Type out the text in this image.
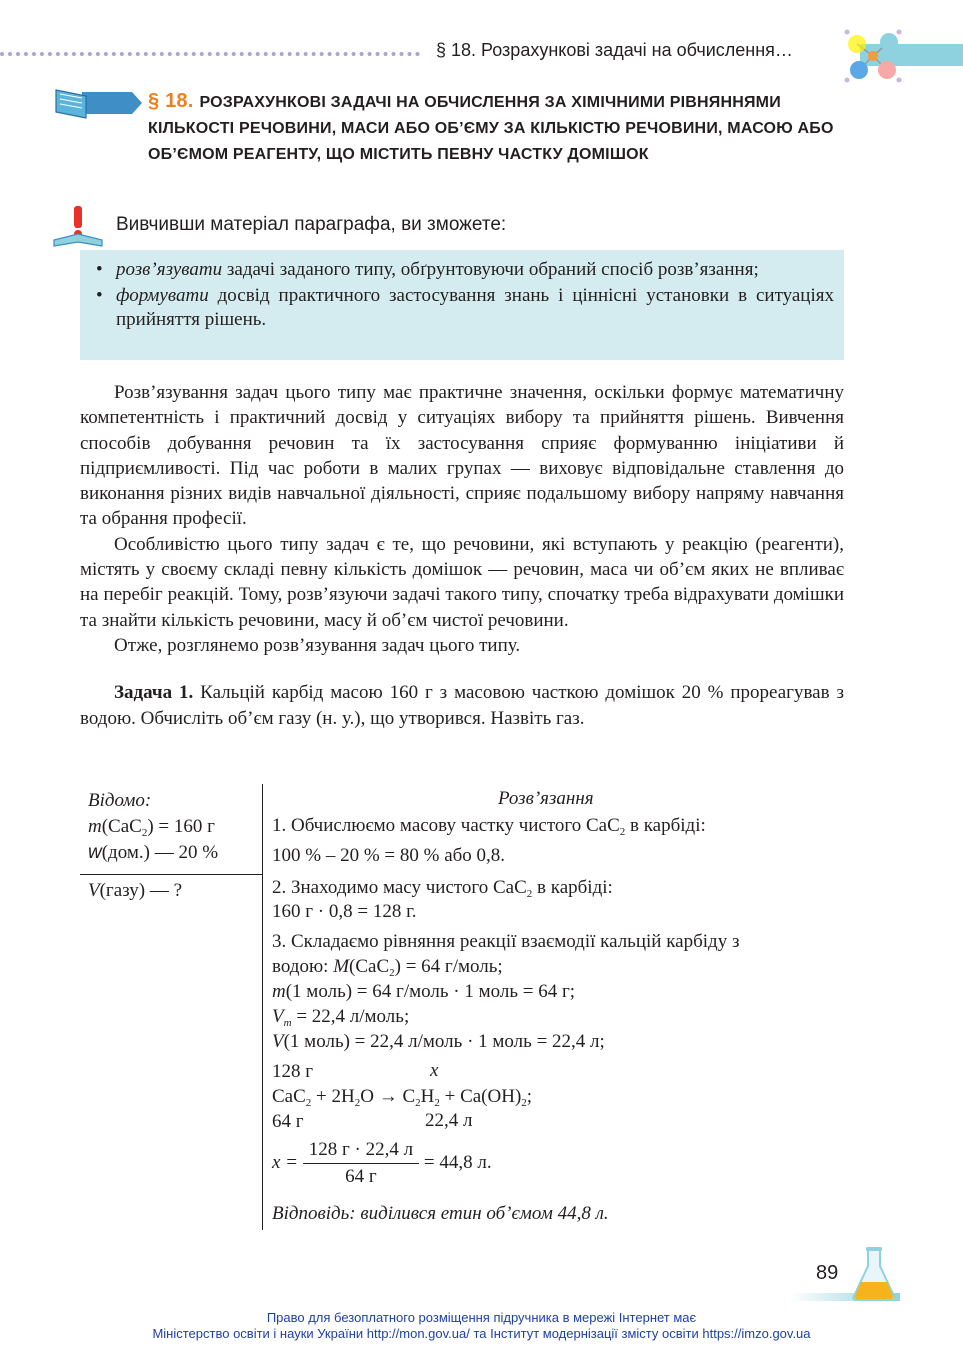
§ 18. Розрахункові задачі на обчислення…
§ 18. РОЗРАХУНКОВІ ЗАДАЧІ НА ОБЧИСЛЕННЯ ЗА ХІМІЧНИМИ РІВНЯННЯМИ КІЛЬКОСТІ РЕЧОВИНИ, МАСИ АБО ОБ’ЄМУ ЗА КІЛЬКІСТЮ РЕЧОВИНИ, МАСОЮ АБО ОБ’ЄМОМ РЕАГЕНТУ, ЩО МІСТИТЬ ПЕВНУ ЧАСТКУ ДОМІШОК
Вивчивши матеріал параграфа, ви зможете:
• розв’язувати задачі заданого типу, обґрунтовуючи обраний спосіб розв’язання;
• формувати досвід практичного застосування знань і ціннісні установки в ситуаціях прийняття рішень.

Розв’язування задач цього типу має практичне значення, оскільки формує математичну компетентність і практичний досвід у ситуаціях вибору та прийняття рішень. Вивчення способів добування речовин та їх застосування сприяє формуванню ініціативи й підприємливості. Під час роботи в малих групах — виховує відповідальне ставлення до виконання різних видів навчальної діяльності, сприяє подальшому вибору напряму навчання та обрання професії.

Особливістю цього типу задач є те, що речовини, які вступають у реакцію (реагенти), містять у своєму складі певну кількість домішок — речовин, маса чи об’єм яких не впливає на перебіг реакцій. Тому, розв’язуючи задачі такого типу, спочатку треба відрахувати домішки та знайти кількість речовини, масу й об’єм чистої речовини.

Отже, розглянемо розв’язування задач цього типу.

Задача 1. Кальцій карбід масою 160 г з масовою часткою домішок 20 % прореагував з водою. Обчисліть об’єм газу (н. у.), що утворився. Назвіть газ.

Відомо:
m(CaC$_2$) = 160 г
w(дом.) — 20 %
V(газу) — ?
Розв’язання
1. Обчислюємо масову частку чистого CaC$_2$ в карбіді:
100 % – 20 % = 80 % або 0,8.
2. Знаходимо масу чистого CaC$_2$ в карбіді:
160 г · 0,8 = 128 г.
3. Складаємо рівняння реакції взаємодії кальцій карбіду з
водою: M(CaC$_2$) = 64 г/моль;
m(1 моль) = 64 г/моль · 1 моль = 64 г;
$V_m = 22,4$ л/моль;
V(1 моль) = 22,4 л/моль · 1 моль = 22,4 л;
128 г	x
$CaC_2 + 2H_2O \to C_2H_2 + Ca(OH)_2$;
64 г	22,4 л
$x = \frac{128 г \cdot 22,4 л}{64 г} = 44,8$ л.
Відповідь: виділився етин об’ємом 44,8 л.
89
Право для безоплатного розміщення підручника в мережі Інтернет має
Міністерство освіти і науки України http://mon.gov.ua/ та Інститут модернізації змісту освіти https://imzo.gov.ua
